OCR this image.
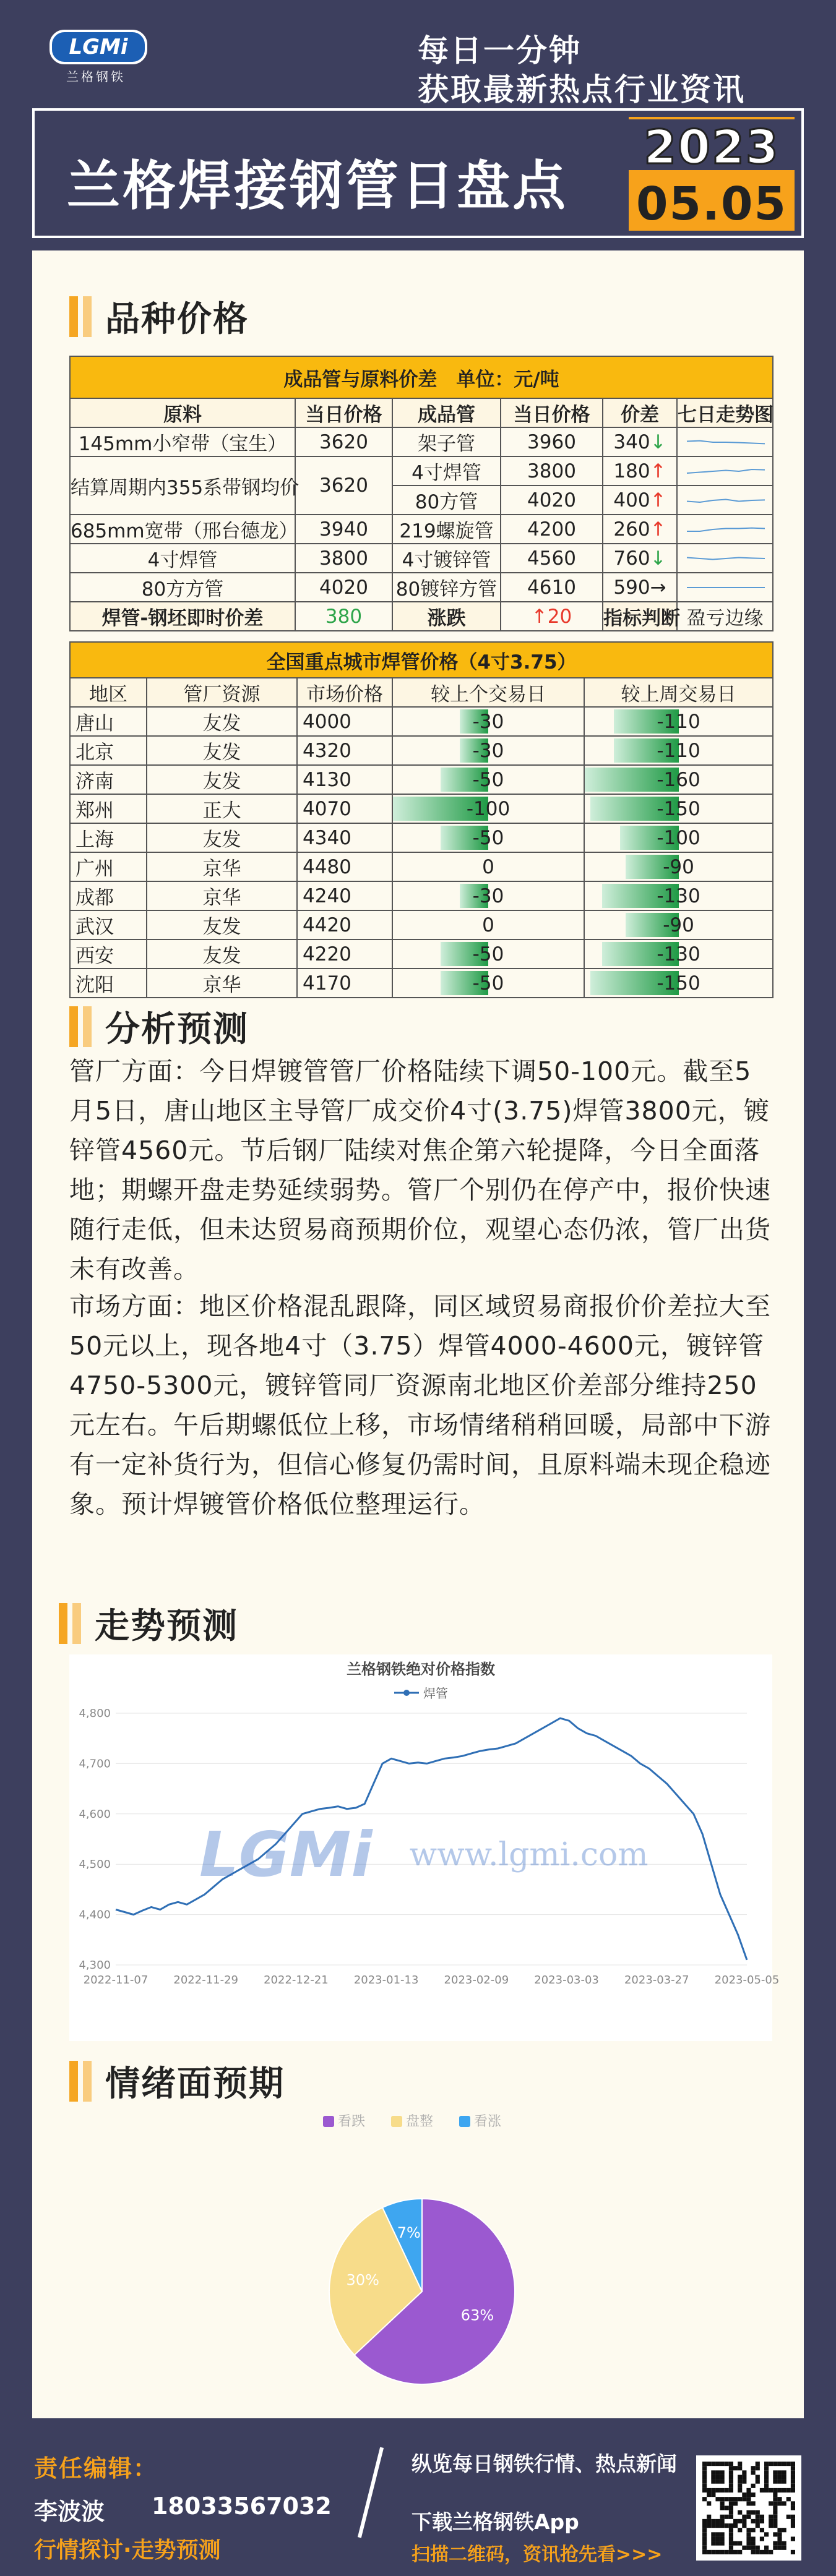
LGMi
兰格钢铁
每日一分钟
获取最新热点行业资讯
兰格焊接钢管日盘点
2023
05.05
品种价格
成品管与原料价差　单位：元/吨					
原料	当日价格	成品管	当日价格	价差	七日走势图
145mm小窄带（宝生）	3620	架子管	3960	340↓	

结算周期内355系带钢均价	3620	4寸焊管	3800	180↑	

		80方管	4020	400↑	

685mm宽带（邢台德龙）	3940	219螺旋管	4200	260↑	

4寸焊管	3800	4寸镀锌管	4560	760↓	

80方方管	4020	80镀锌方管	4610	590→	

焊管-钢坯即时价差	380	涨跌	↑20	指标判断	盈亏边缘
全国重点城市焊管价格（4寸3.75）				
地区	管厂资源	市场价格	较上个交易日	较上周交易日
唐山	友发	4000	-30	-110
北京	友发	4320	-30	-110
济南	友发	4130	-50	-160
郑州	正大	4070	-100	-150
上海	友发	4340	-50	-100
广州	京华	4480	0	-90
成都	京华	4240	-30	-130
武汉	友发	4420	0	-90
西安	友发	4220	-50	-130
沈阳	京华	4170	-50	-150
分析预测
管厂方面：今日焊镀管管厂价格陆续下调50-100元。截至5月5日，唐山地区主导管厂成交价4寸(3.75)焊管3800元，镀锌管4560元。节后钢厂陆续对焦企第六轮提降，今日全面落地；期螺开盘走势延续弱势。管厂个别仍在停产中，报价快速随行走低，但未达贸易商预期价位，观望心态仍浓，管厂出货未有改善。
市场方面：地区价格混乱跟降，同区域贸易商报价价差拉大至50元以上，现各地4寸（3.75）焊管4000-4600元，镀锌管4750-5300元，镀锌管同厂资源南北地区价差部分维持250元左右。午后期螺低位上移，市场情绪稍稍回暖，局部中下游有一定补货行为，但信心修复仍需时间，且原料端未现企稳迹象。预计焊镀管价格低位整理运行。
走势预测
兰格钢铁绝对价格指数
焊管
4,800
4,700
4,600
4,500
4,400
4,300
2022-11-07 2022-11-29 2022-12-21 2023-01-13 2023-02-09 2023-03-03 2023-03-27 2023-05-05
LGMi www.lgmi.com
情绪面预期
看跌	盘整	看涨
63%
30%
7%
责任编辑：
李波波 18033567032
行情探讨·走势预测
纵览每日钢铁行情、热点新闻
下载兰格钢铁App
扫描二维码，资讯抢先看>>>
